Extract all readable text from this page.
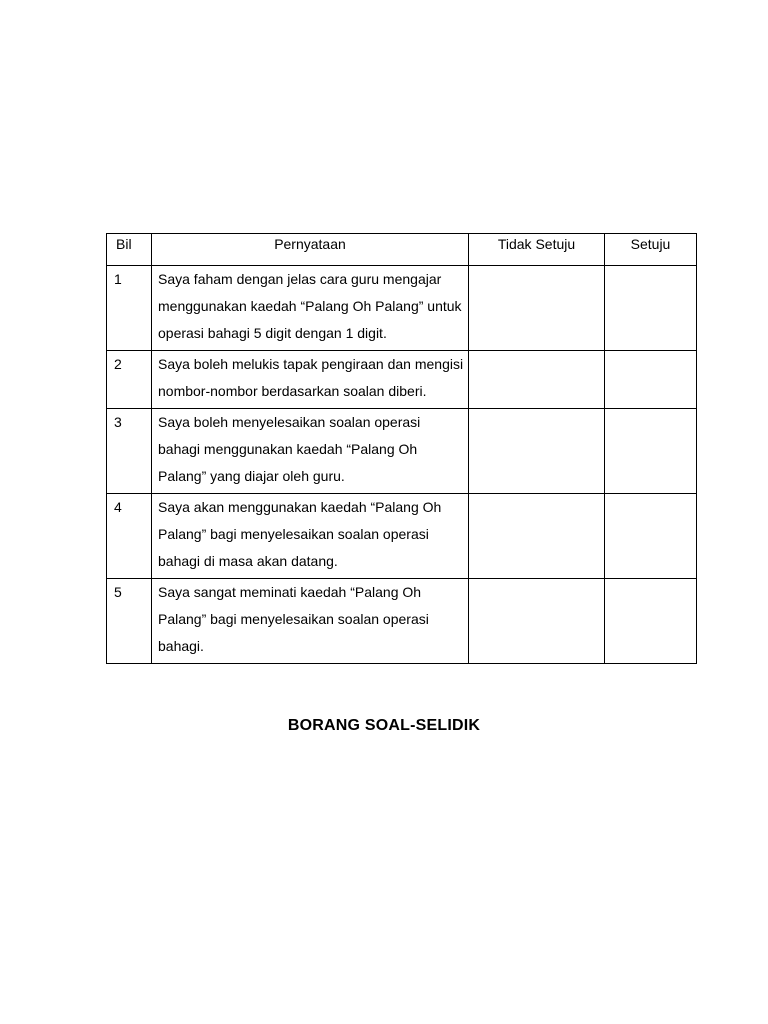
Bil	Pernyataan	Tidak Setuju	Setuju
1	Saya faham dengan jelas cara guru mengajar menggunakan kaedah “Palang Oh Palang” untuk operasi bahagi 5 digit dengan 1 digit.		
2	Saya boleh melukis tapak pengiraan dan mengisi nombor-nombor berdasarkan soalan diberi.		
3	Saya boleh menyelesaikan soalan operasi bahagi menggunakan kaedah “Palang Oh Palang” yang diajar oleh guru.		
4	Saya akan menggunakan kaedah “Palang Oh Palang” bagi menyelesaikan soalan operasi bahagi di masa akan datang.		
5	Saya sangat meminati kaedah “Palang Oh Palang” bagi menyelesaikan soalan operasi bahagi.		
BORANG SOAL-SELIDIK
